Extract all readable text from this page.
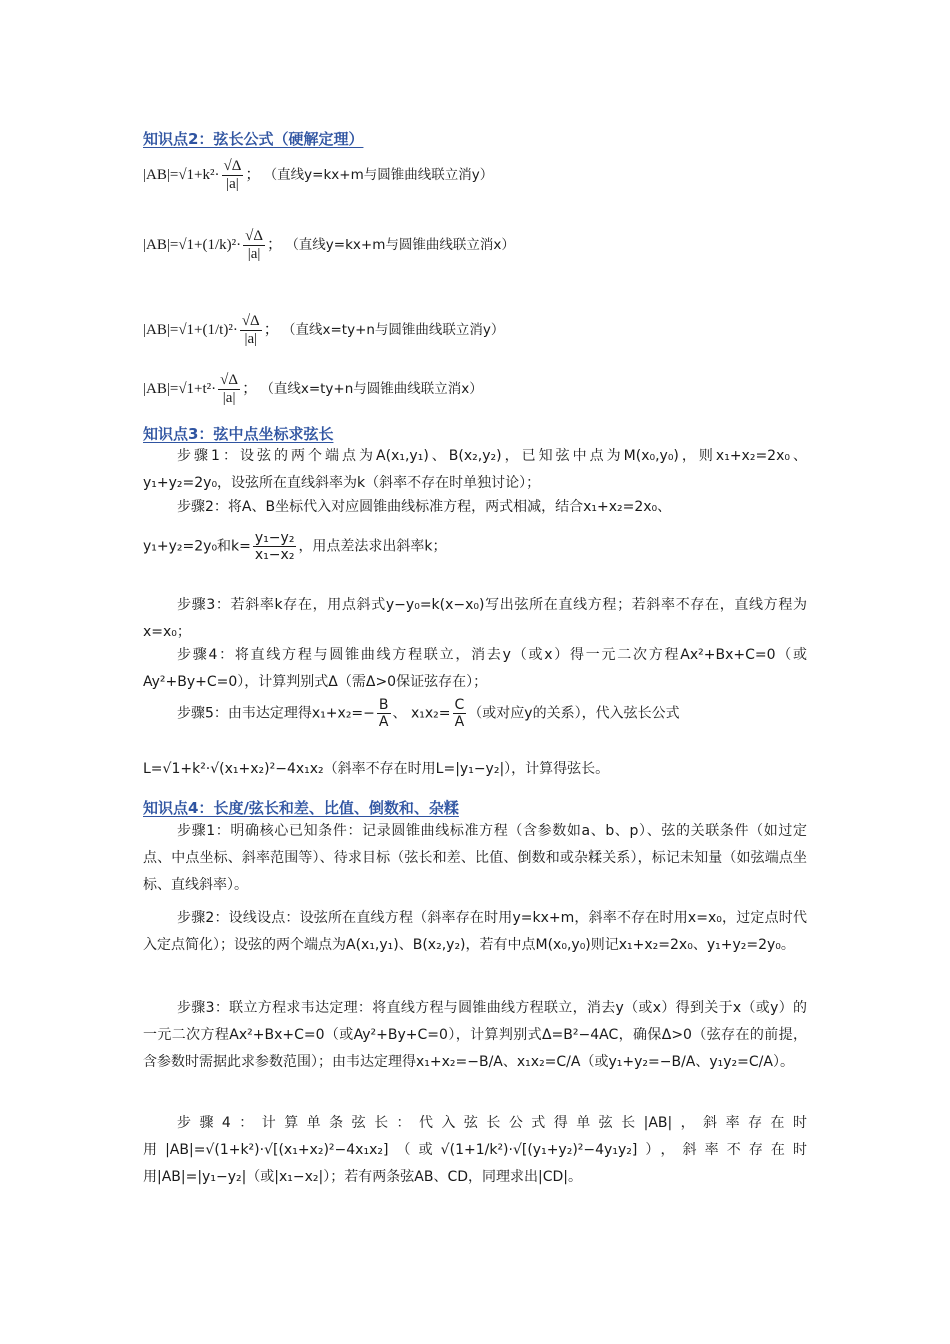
知识点2：弦长公式（硬解定理）
$|AB|=√1+k^2\cdot \frac{√\Delta}{|a|}$ ； （直线y=kx+m与圆锥曲线联立消y）
$|AB|=√1+(1/k)^2\cdot \frac{√\Delta}{|a|}$ ； （直线y=kx+m与圆锥曲线联立消x）
$|AB|=√1+(1/t)^2\cdot \frac{√\Delta}{|a|}$ ； （直线x=ty+n与圆锥曲线联立消y）
$|AB|=√1+t^2\cdot \frac{√\Delta}{|a|}$ ； （直线x=ty+n与圆锥曲线联立消x）
知识点3：弦中点坐标求弦长
步骤1：设弦的两个端点为A(x₁,y₁)、B(x₂,y₂)，已知弦中点为M(x₀,y₀)，则x₁+x₂=2x₀、y₁+y₂=2y₀，设弦所在直线斜率为k（斜率不存在时单独讨论）；
步骤2：将A、B坐标代入对应圆锥曲线标准方程，两式相减，结合x₁+x₂=2x₀、
y₁+y₂=2y₀和$k= \frac{\text{y₁−y₂}}{\text{x₁−x₂}}$ ，用点差法求出斜率k；
步骤3：若斜率k存在，用点斜式y−y₀=k(x−x₀)写出弦所在直线方程；若斜率不存在，直线方程为x=x₀；
步骤4：将直线方程与圆锥曲线方程联立，消去y（或x）得一元二次方程Ax²+Bx+C=0（或Ay²+By+C=0），计算判别式Δ（需Δ>0保证弦存在）；
步骤5：由韦达定理得$x_1+x_2=- \frac{B}{A}$ 、 $x_1x_2= \frac{C}{A}$ （或对应y的关系），代入弦长公式
L=√1+k²·√(x₁+x₂)²−4x₁x₂（斜率不存在时用L=|y₁−y₂|），计算得弦长。
知识点4：长度/弦长和差、比值、倒数和、杂糅
步骤1：明确核心已知条件：记录圆锥曲线标准方程（含参数如a、b、p）、弦的关联条件（如过定点、中点坐标、斜率范围等）、待求目标（弦长和差、比值、倒数和或杂糅关系），标记未知量（如弦端点坐标、直线斜率）。
步骤2：设线设点：设弦所在直线方程（斜率存在时用y=kx+m，斜率不存在时用x=x₀，过定点时代入定点简化）；设弦的两个端点为A(x₁,y₁)、B(x₂,y₂)，若有中点M(x₀,y₀)则记x₁+x₂=2x₀、y₁+y₂=2y₀。
步骤3：联立方程求韦达定理：将直线方程与圆锥曲线方程联立，消去y（或x）得到关于x（或y）的一元二次方程Ax²+Bx+C=0（或Ay²+By+C=0），计算判别式Δ=B²−4AC，确保Δ>0（弦存在的前提，含参数时需据此求参数范围）；由韦达定理得x₁+x₂=−B/A、x₁x₂=C/A（或y₁+y₂=−B/A、y₁y₂=C/A）。
步骤4：计算单条弦长：代入弦长公式得单弦长|AB|，斜率存在时用|AB|=√(1+k²)·√[(x₁+x₂)²−4x₁x₂]（或√(1+1/k²)·√[(y₁+y₂)²−4y₁y₂]），斜率不存在时用|AB|=|y₁−y₂|（或|x₁−x₂|）；若有两条弦AB、CD，同理求出|CD|。
